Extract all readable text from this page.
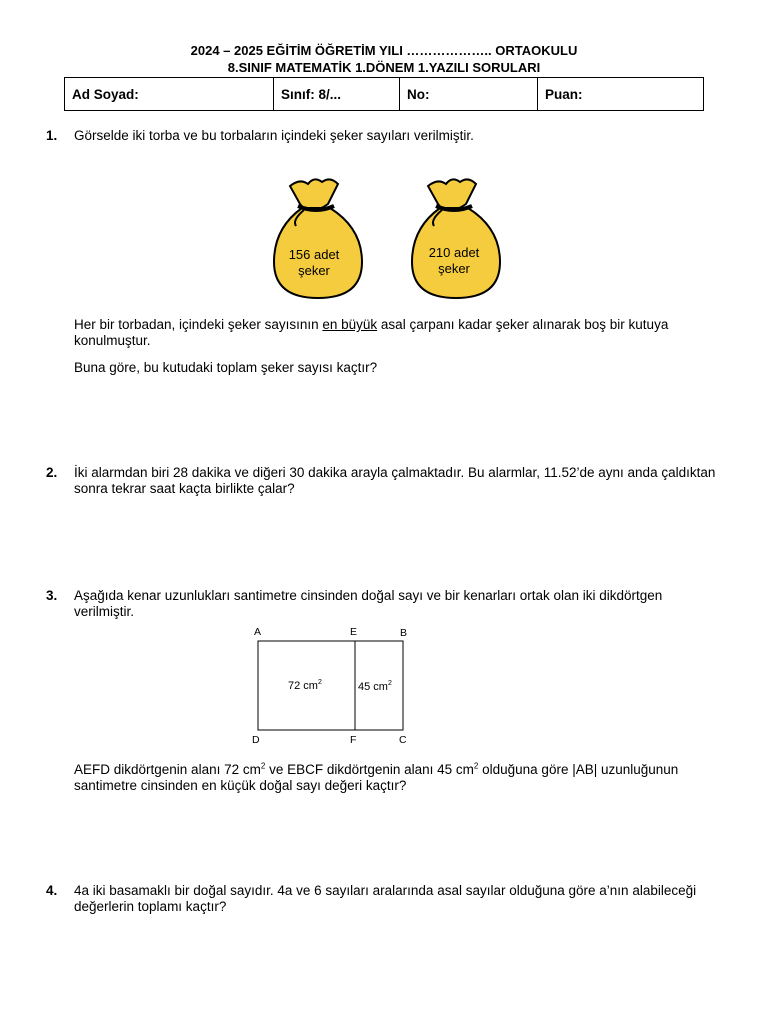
2024 – 2025 EĞİTİM ÖĞRETİM YILI ……………….. ORTAOKULU
8.SINIF MATEMATİK 1.DÖNEM 1.YAZILI SORULARI
Ad Soyad:	Sınıf: 8/...	No:	Puan:
1. Görselde iki torba ve bu torbaların içindeki şeker sayıları verilmiştir.
156 adet
şeker
210 adet
şeker
Her bir torbadan, içindeki şeker sayısının en büyük asal çarpanı kadar şeker alınarak boş bir kutuya konulmuştur.
Buna göre, bu kutudaki toplam şeker sayısı kaçtır?
2. İki alarmdan biri 28 dakika ve diğeri 30 dakika arayla çalmaktadır. Bu alarmlar, 11.52’de aynı anda çaldıktan sonra tekrar saat kaçta birlikte çalar?
3. Aşağıda kenar uzunlukları santimetre cinsinden doğal sayı ve bir kenarları ortak olan iki dikdörtgen verilmiştir.
A	E	B
D	F	C
72 $cm^2$	45 $cm^2$
AEFD dikdörtgenin alanı 72 $cm^2$ ve EBCF dikdörtgenin alanı 45 $cm^2$ olduğuna göre |AB| uzunluğunun santimetre cinsinden en küçük doğal sayı değeri kaçtır?
4. 4a iki basamaklı bir doğal sayıdır. 4a ve 6 sayıları aralarında asal sayılar olduğuna göre a’nın alabileceği değerlerin toplamı kaçtır?
